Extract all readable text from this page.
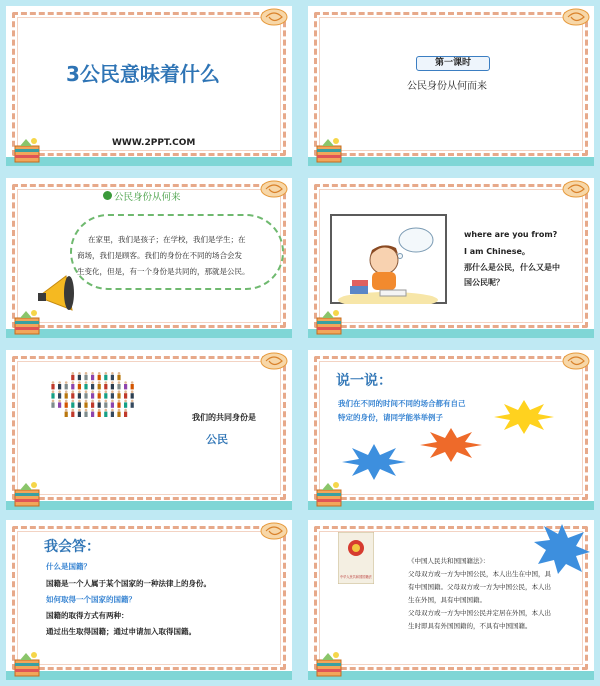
3公民意味着什么
WWW.2PPT.COM
第一课时
公民身份从何而来
公民身份从何来
在家里，我们是孩子；在学校，我们是学生；在
商场，我们是顾客。我们的身份在不同的场合会发
生变化，但是，有一个身份是共同的，那就是公民。
where are you from?
I am Chinese。
那什么是公民，什么又是中
国公民呢？
我们的共同身份是
公民
说一说：
我们在不同的时间不同的场合都有自己
特定的身份，请同学能举举例子
我会答：
什么是国籍？
国籍是一个人属于某个国家的一种法律上的身份。
如何取得一个国家的国籍？
国籍的取得方式有两种：
通过出生取得国籍；通过申请加入取得国籍。
中华人民共和国国籍法
《中国人民共和国国籍法》：
父母双方或一方为中国公民，本人出生在中国，具
有中国国籍。父母双方或一方为中国公民，本人出
生在外国，具有中国国籍。
父母双方或一方为中国公民并定居在外国，本人出
生时即具有外国国籍的，不具有中国国籍。
